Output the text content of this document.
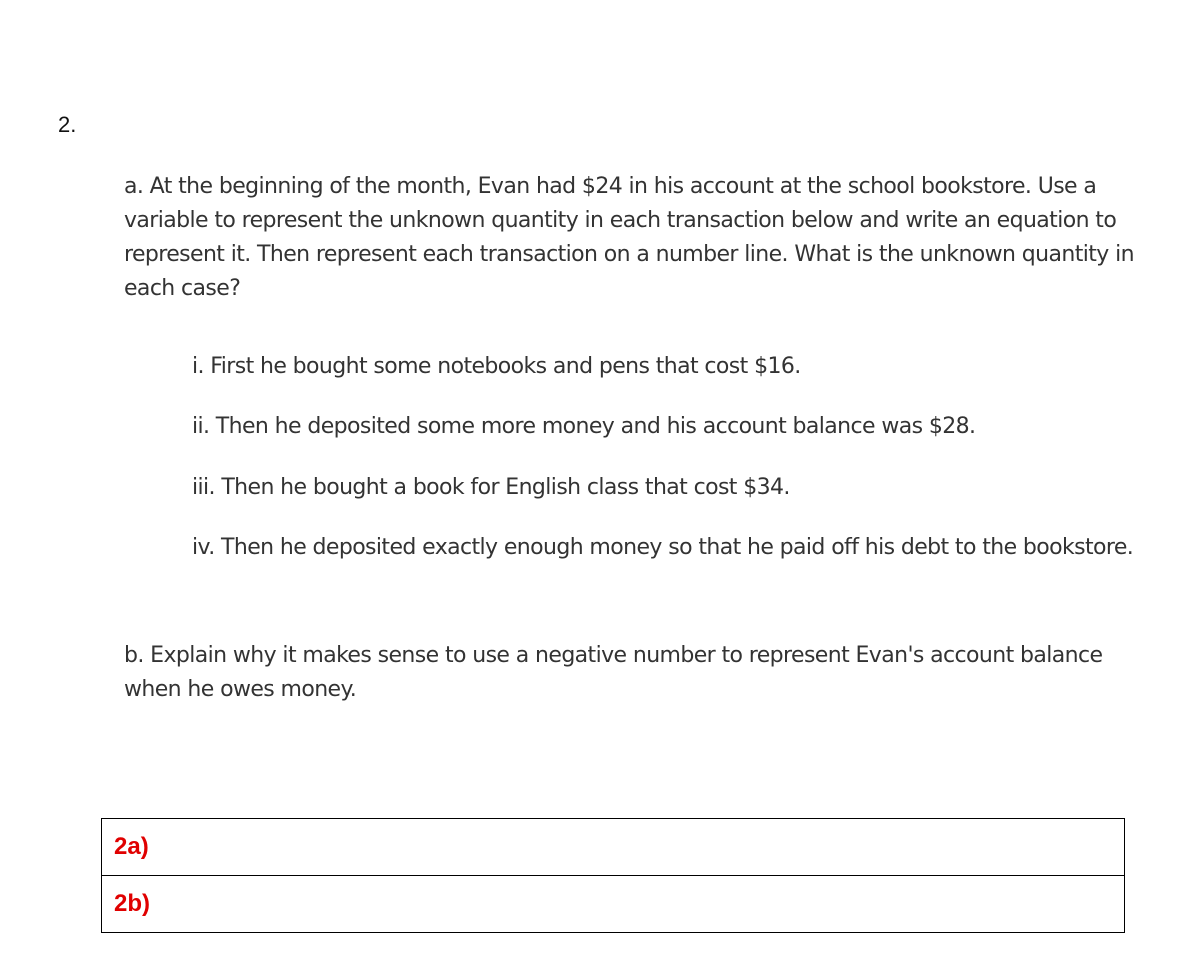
2.
a. At the beginning of the month, Evan had $24 in his account at the school bookstore. Use a variable to represent the unknown quantity in each transaction below and write an equation to represent it. Then represent each transaction on a number line. What is the unknown quantity in each case?
i. First he bought some notebooks and pens that cost $16.
ii. Then he deposited some more money and his account balance was $28.
iii. Then he bought a book for English class that cost $34.
iv. Then he deposited exactly enough money so that he paid off his debt to the bookstore.
b. Explain why it makes sense to use a negative number to represent Evan's account balance when he owes money.
2a)
2b)
